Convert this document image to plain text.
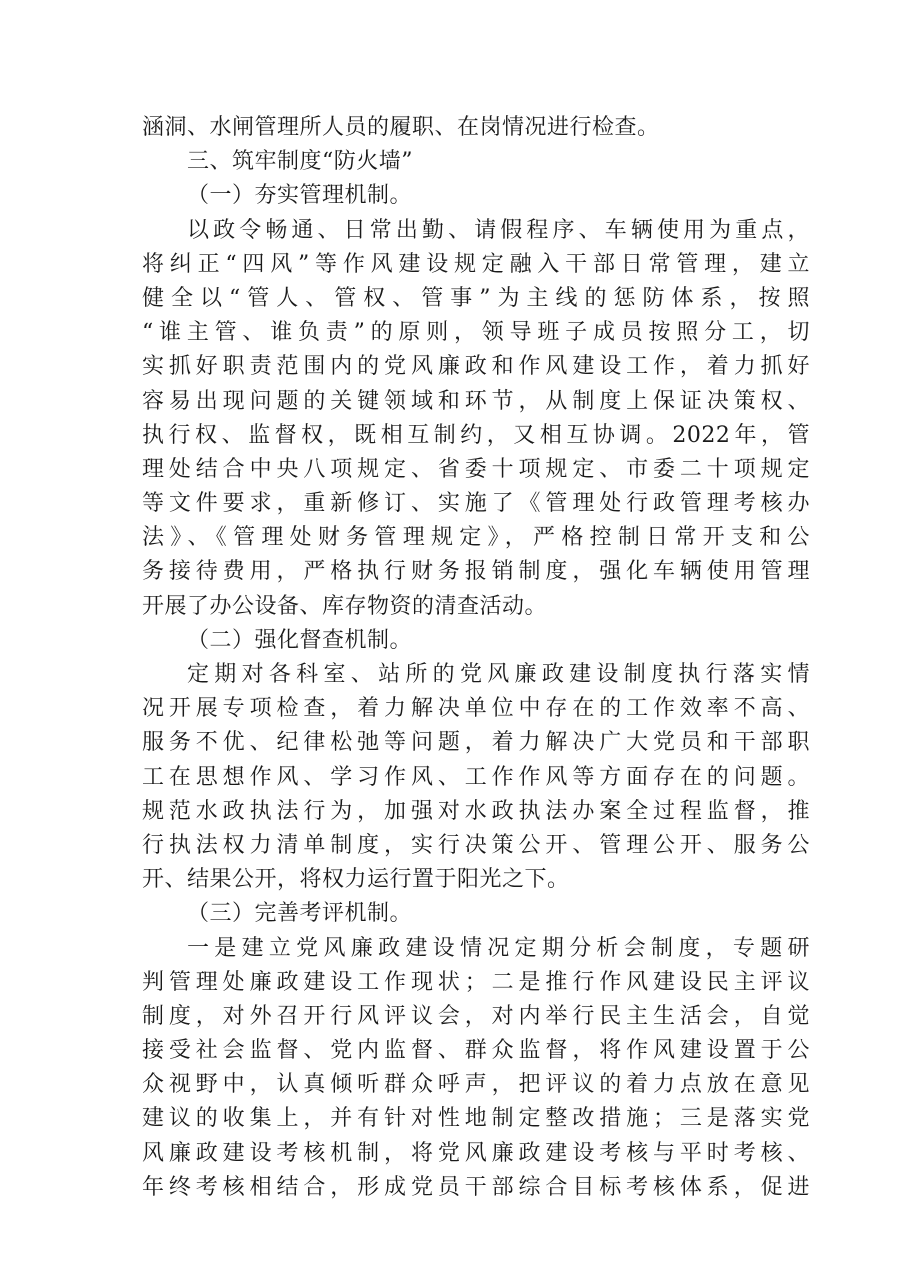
涵洞、水闸管理所人员的履职、在岗情况进行检查。
三、筑牢制度“防火墙”
（一）夯实管理机制。
以政令畅通、日常出勤、请假程序、车辆使用为重点，
将纠正“四风”等作风建设规定融入干部日常管理，建立
健全以“管人、管权、管事”为主线的惩防体系，按照
“谁主管、谁负责”的原则，领导班子成员按照分工，切
实抓好职责范围内的党风廉政和作风建设工作，着力抓好
容易出现问题的关键领域和环节，从制度上保证决策权、
执行权、监督权，既相互制约，又相互协调。2022年，管
理处结合中央八项规定、省委十项规定、市委二十项规定
等文件要求，重新修订、实施了《管理处行政管理考核办
法》、《管理处财务管理规定》，严格控制日常开支和公
务接待费用，严格执行财务报销制度，强化车辆使用管理
开展了办公设备、库存物资的清查活动。
（二）强化督查机制。
定期对各科室、站所的党风廉政建设制度执行落实情
况开展专项检查，着力解决单位中存在的工作效率不高、
服务不优、纪律松弛等问题，着力解决广大党员和干部职
工在思想作风、学习作风、工作作风等方面存在的问题。
规范水政执法行为，加强对水政执法办案全过程监督，推
行执法权力清单制度，实行决策公开、管理公开、服务公
开、结果公开，将权力运行置于阳光之下。
（三）完善考评机制。
一是建立党风廉政建设情况定期分析会制度，专题研
判管理处廉政建设工作现状；二是推行作风建设民主评议
制度，对外召开行风评议会，对内举行民主生活会，自觉
接受社会监督、党内监督、群众监督，将作风建设置于公
众视野中，认真倾听群众呼声，把评议的着力点放在意见
建议的收集上，并有针对性地制定整改措施；三是落实党
风廉政建设考核机制，将党风廉政建设考核与平时考核、
年终考核相结合，形成党员干部综合目标考核体系，促进
